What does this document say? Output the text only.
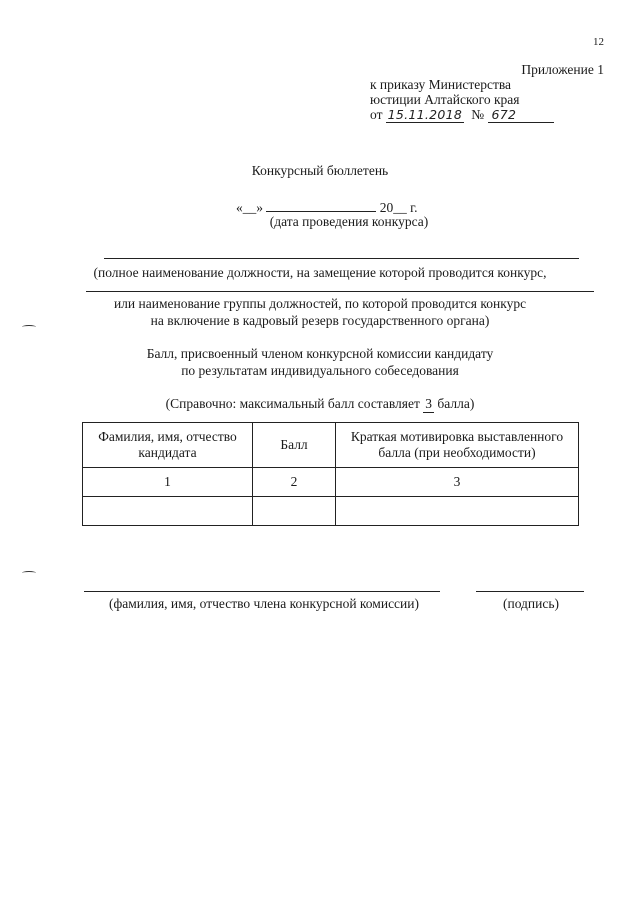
12
Приложение 1
к приказу Министерства
юстиции Алтайского края
от 15.11.2018 № 672
Конкурсный бюллетень
«__»	20__ г.
(дата проведения конкурса)
(полное наименование должности, на замещение которой проводится конкурс,
или наименование группы должностей, по которой проводится конкурс
на включение в кадровый резерв государственного органа)
Балл, присвоенный членом конкурсной комиссии кандидату
по результатам индивидуального собеседования
(Справочно: максимальный балл составляет 3 балла)
Фамилия, имя, отчество кандидата	Балл	Краткая мотивировка выставленного балла (при необходимости)
1	2	3

(фамилия, имя, отчество члена конкурсной комиссии)	(подпись)
